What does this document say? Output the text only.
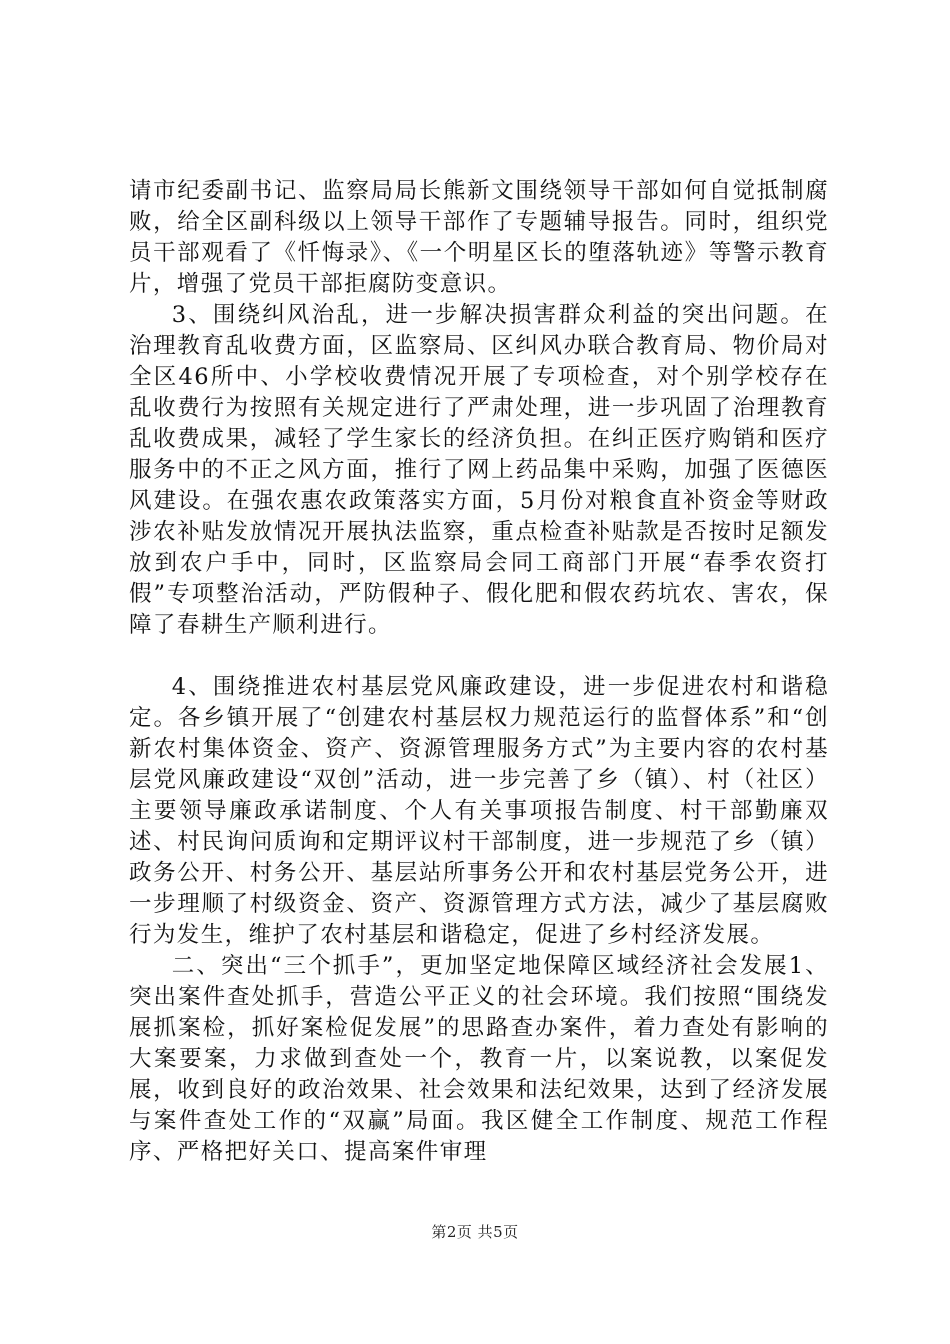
请市纪委副书记、监察局局长熊新文围绕领导干部如何自觉抵制腐败，给全区副科级以上领导干部作了专题辅导报告。同时，组织党员干部观看了《忏悔录》、《一个明星区长的堕落轨迹》等警示教育片，增强了党员干部拒腐防变意识。

3、围绕纠风治乱，进一步解决损害群众利益的突出问题。在治理教育乱收费方面，区监察局、区纠风办联合教育局、物价局对全区46所中、小学校收费情况开展了专项检查，对个别学校存在乱收费行为按照有关规定进行了严肃处理，进一步巩固了治理教育乱收费成果，减轻了学生家长的经济负担。在纠正医疗购销和医疗服务中的不正之风方面，推行了网上药品集中采购，加强了医德医风建设。在强农惠农政策落实方面，5月份对粮食直补资金等财政涉农补贴发放情况开展执法监察，重点检查补贴款是否按时足额发放到农户手中，同时，区监察局会同工商部门开展“春季农资打假”专项整治活动，严防假种子、假化肥和假农药坑农、害农，保障了春耕生产顺利进行。

4、围绕推进农村基层党风廉政建设，进一步促进农村和谐稳定。各乡镇开展了“创建农村基层权力规范运行的监督体系”和“创新农村集体资金、资产、资源管理服务方式”为主要内容的农村基层党风廉政建设“双创”活动，进一步完善了乡（镇）、村（社区）主要领导廉政承诺制度、个人有关事项报告制度、村干部勤廉双述、村民询问质询和定期评议村干部制度，进一步规范了乡（镇）政务公开、村务公开、基层站所事务公开和农村基层党务公开，进一步理顺了村级资金、资产、资源管理方式方法，减少了基层腐败行为发生，维护了农村基层和谐稳定，促进了乡村经济发展。

二、突出“三个抓手”，更加坚定地保障区域经济社会发展1、突出案件查处抓手，营造公平正义的社会环境。我们按照“围绕发展抓案检，抓好案检促发展”的思路查办案件，着力查处有影响的大案要案，力求做到查处一个，教育一片，以案说教，以案促发展，收到良好的政治效果、社会效果和法纪效果，达到了经济发展与案件查处工作的“双赢”局面。我区健全工作制度、规范工作程序、严格把好关口、提高案件审理

第2页 共5页
